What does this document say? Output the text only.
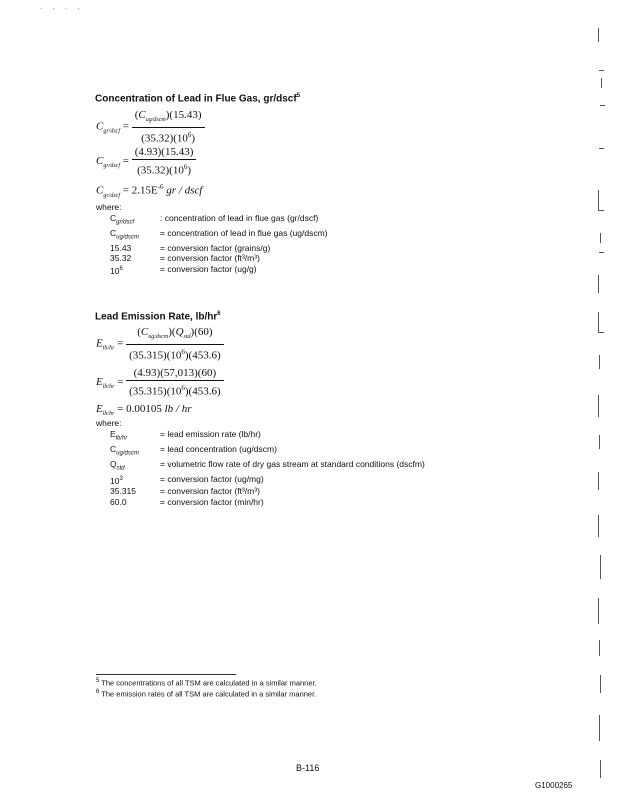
. . . .
Concentration of Lead in Flue Gas, gr/dscf$^5$
$C_{gr/dscf} = \frac{(C_{ug/dscm})(15.43)}{(35.32)(10^6)}$
$C_{gr/dscf} = \frac{(4.93)(15.43)}{(35.32)(10^6)}$
$C_{gr/dscf} = 2.15E^{-6}$ gr / dscf
where:
$C_{gr/dscf}$	: concentration of lead in flue gas (gr/dscf)
$C_{ug/dscm}$	= concentration of lead in flue gas (ug/dscm)
15.43	= conversion factor (grains/g)
35.32	= conversion factor (ft³/m³)
$10^6$	= conversion factor (ug/g)
Lead Emission Rate, $lb/hr^6$
$E_{lb/hr} = \frac{(C_{ug/dscm})(Q_{std})(60)}{(35.315)(10^6)(453.6)}$
$E_{lb/hr} = \frac{(4.93)(57,013)(60)}{(35.315)(10^6)(453.6)}$
$E_{lb/hr} = 0.00105$ lb / hr
where:
$E_{lb/hr}$	= lead emission rate (lb/hr)
$C_{ug/dscm}$	= lead concentration (ug/dscm)
$Q_{std}$	= volumetric flow rate of dry gas stream at standard conditions (dscfm)
$10^3$	= conversion factor (ug/mg)
35.315	= conversion factor (ft³/m³)
60.0	= conversion factor (min/hr)
$^5$ The concentrations of all TSM are calculated in a similar manner.
$^6$ The emission rates of all TSM are calculated in a similar manner.
B-116
G1000265
